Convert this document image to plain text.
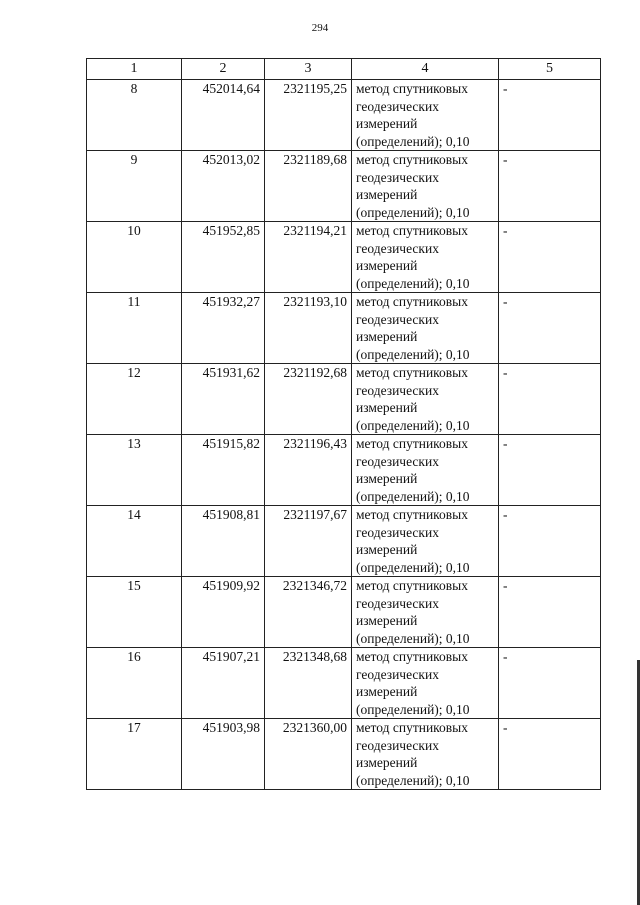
294
1	2	3	4	5
8	452014,64	2321195,25	метод спутниковых геодезических измерений (определений); 0,10	-
9	452013,02	2321189,68	метод спутниковых геодезических измерений (определений); 0,10	-
10	451952,85	2321194,21	метод спутниковых геодезических измерений (определений); 0,10	-
11	451932,27	2321193,10	метод спутниковых геодезических измерений (определений); 0,10	-
12	451931,62	2321192,68	метод спутниковых геодезических измерений (определений); 0,10	-
13	451915,82	2321196,43	метод спутниковых геодезических измерений (определений); 0,10	-
14	451908,81	2321197,67	метод спутниковых геодезических измерений (определений); 0,10	-
15	451909,92	2321346,72	метод спутниковых геодезических измерений (определений); 0,10	-
16	451907,21	2321348,68	метод спутниковых геодезических измерений (определений); 0,10	-
17	451903,98	2321360,00	метод спутниковых геодезических измерений (определений); 0,10	-
